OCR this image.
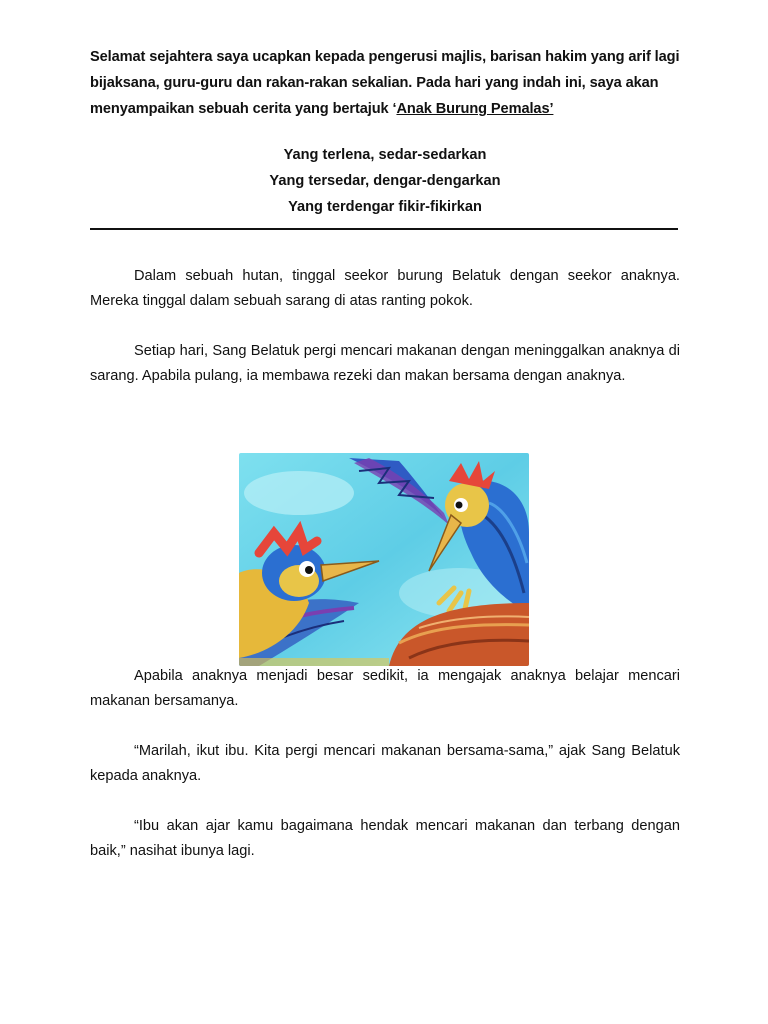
Selamat sejahtera saya ucapkan kepada pengerusi majlis, barisan hakim yang arif lagi bijaksana, guru-guru dan rakan-rakan sekalian. Pada hari yang indah ini, saya akan menyampaikan sebuah cerita yang bertajuk ‘Anak Burung Pemalas’

Yang terlena, sedar-sedarkan
Yang tersedar, dengar-dengarkan
Yang terdengar fikir-fikirkan

Dalam sebuah hutan, tinggal seekor burung Belatuk dengan seekor anaknya. Mereka tinggal dalam sebuah sarang di atas ranting pokok.

Setiap hari, Sang Belatuk pergi mencari makanan dengan meninggalkan anaknya di sarang. Apabila pulang, ia membawa rezeki dan makan bersama dengan anaknya.

Apabila anaknya menjadi besar sedikit, ia mengajak anaknya belajar mencari makanan bersamanya.

“Marilah, ikut ibu. Kita pergi mencari makanan bersama-sama,” ajak Sang Belatuk kepada anaknya.

“Ibu akan ajar kamu bagaimana hendak mencari makanan dan terbang dengan baik,” nasihat ibunya lagi.
